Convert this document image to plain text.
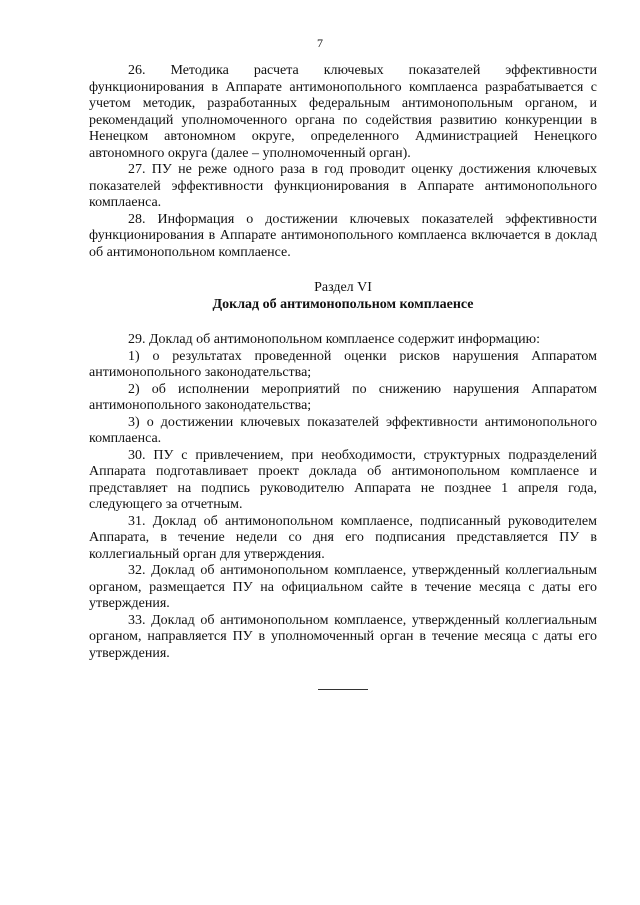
7

26. Методика расчета ключевых показателей эффективности функционирования в Аппарате антимонопольного комплаенса разрабатывается с учетом методик, разработанных федеральным антимонопольным органом, и рекомендаций уполномоченного органа по содействия развитию конкуренции в Ненецком автономном округе, определенного Администрацией Ненецкого автономного округа (далее – уполномоченный орган).

27. ПУ не реже одного раза в год проводит оценку достижения ключевых показателей эффективности функционирования в Аппарате антимонопольного комплаенса.

28. Информация о достижении ключевых показателей эффективности функционирования в Аппарате антимонопольного комплаенса включается в доклад об антимонопольном комплаенсе.

Раздел VI
Доклад об антимонопольном комплаенсе

29. Доклад об антимонопольном комплаенсе содержит информацию:

1) о результатах проведенной оценки рисков нарушения Аппаратом антимонопольного законодательства;

2) об исполнении мероприятий по снижению нарушения Аппаратом антимонопольного законодательства;

3) о достижении ключевых показателей эффективности антимонопольного комплаенса.

30. ПУ с привлечением, при необходимости, структурных подразделений Аппарата подготавливает проект доклада об антимонопольном комплаенсе и представляет на подпись руководителю Аппарата не позднее 1 апреля года, следующего за отчетным.

31. Доклад об антимонопольном комплаенсе, подписанный руководителем Аппарата, в течение недели со дня его подписания представляется ПУ в коллегиальный орган для утверждения.

32. Доклад об антимонопольном комплаенсе, утвержденный коллегиальным органом, размещается ПУ на официальном сайте в течение месяца с даты его утверждения.

33. Доклад об антимонопольном комплаенсе, утвержденный коллегиальным органом, направляется ПУ в уполномоченный орган в течение месяца с даты его утверждения.
